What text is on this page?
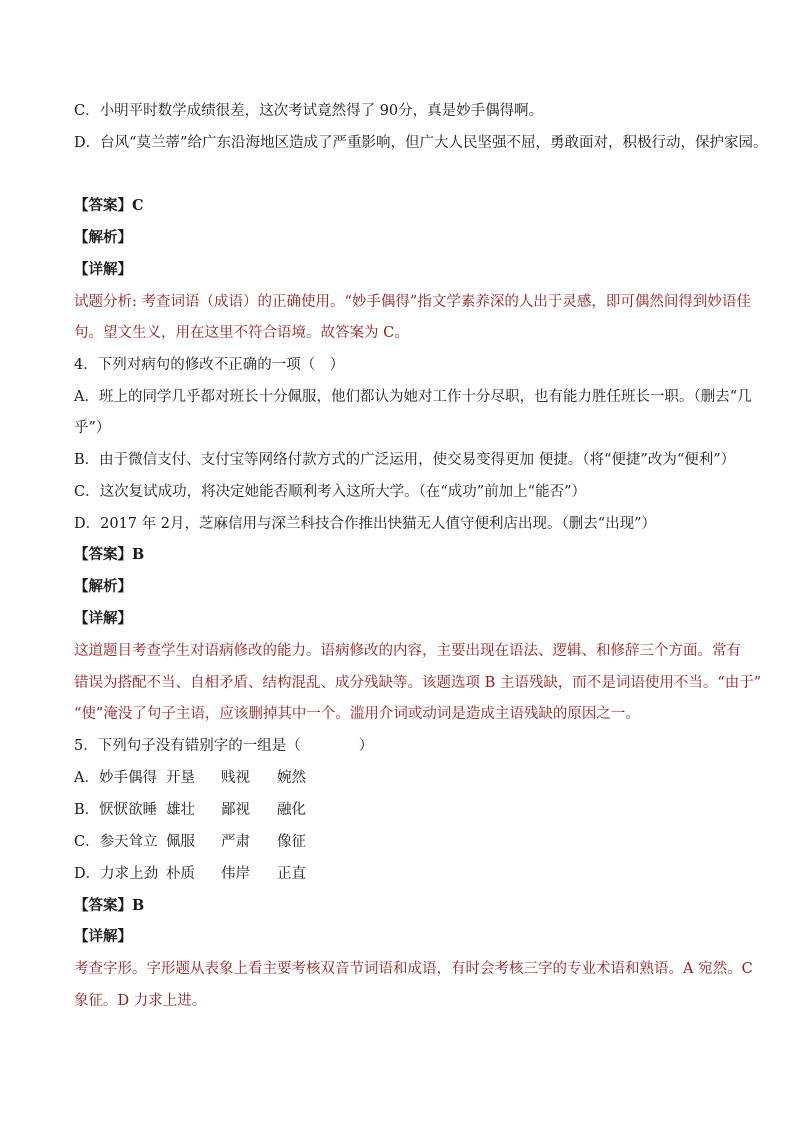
C．小明平时数学成绩很差，这次考试竟然得了 90分，真是妙手偶得啊。

D．台风“莫兰蒂”给广东沿海地区造成了严重影响，但广大人民坚强不屈，勇敢面对，积极行动，保护家园。

【答案】C

【解析】

【详解】

试题分析: 考查词语（成语）的正确使用。“妙手偶得”指文学素养深的人出于灵感，即可偶然间得到妙语佳

句。望文生义，用在这里不符合语境。故答案为 C。

4．下列对病句的修改不正确的一项（　）

A．班上的同学几乎都对班长十分佩服，他们都认为她对工作十分尽职，也有能力胜任班长一职。（删去“几

乎”）

B．由于微信支付、支付宝等网络付款方式的广泛运用，使交易变得更加 便捷。（将“便捷”改为“便利”）

C．这次复试成功，将决定她能否顺利考入这所大学。（在“成功”前加上“能否”）

D．2017 年 2月，芝麻信用与深兰科技合作推出快猫无人值守便利店出现。（删去“出现”）

【答案】B

【解析】

【详解】

这道题目考查学生对语病修改的能力。语病修改的内容，主要出现在语法、逻辑、和修辞三个方面。常有

错误为搭配不当、自相矛盾、结构混乱、成分残缺等。该题选项 B 主语残缺，而不是词语使用不当。“由于”

“使”淹没了句子主语，应该删掉其中一个。滥用介词或动词是造成主语残缺的原因之一。

5．下列句子没有错别字的一组是（　　　　）

A．妙手偶得 开垦 贱视 婉然
B．恹恹欲睡 雄壮 鄙视 融化
C．参天耸立 佩服 严肃 像征
D．力求上劲 朴质 伟岸 正直

【答案】B

【详解】

考查字形。字形题从表象上看主要考核双音节词语和成语，有时会考核三字的专业术语和熟语。A 宛然。C

象征。D 力求上进。
